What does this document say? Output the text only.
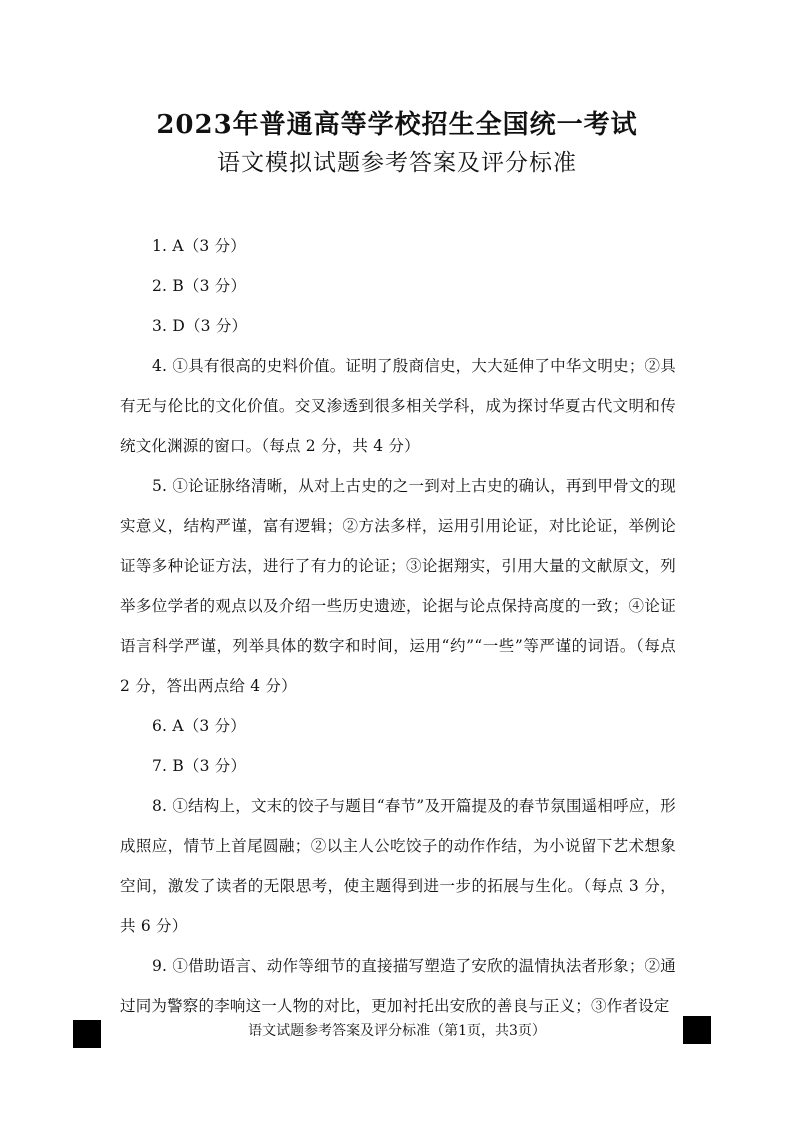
2023年普通高等学校招生全国统一考试
语文模拟试题参考答案及评分标准

1. A（3 分）

2. B（3 分）

3. D（3 分）

4. ①具有很高的史料价值。证明了殷商信史，大大延伸了中华文明史；②具有无与伦比的文化价值。交叉渗透到很多相关学科，成为探讨华夏古代文明和传统文化渊源的窗口。（每点 2 分，共 4 分）

5. ①论证脉络清晰，从对上古史的之一到对上古史的确认，再到甲骨文的现实意义，结构严谨，富有逻辑；②方法多样，运用引用论证，对比论证，举例论证等多种论证方法，进行了有力的论证；③论据翔实，引用大量的文献原文，列举多位学者的观点以及介绍一些历史遗迹，论据与论点保持高度的一致；④论证语言科学严谨，列举具体的数字和时间，运用“约”“一些”等严谨的词语。（每点 2 分，答出两点给 4 分）

6. A（3 分）

7. B（3 分）

8. ①结构上，文末的饺子与题目“春节”及开篇提及的春节氛围遥相呼应，形成照应，情节上首尾圆融；②以主人公吃饺子的动作作结，为小说留下艺术想象空间，激发了读者的无限思考，使主题得到进一步的拓展与生化。（每点 3 分，共 6 分）

9. ①借助语言、动作等细节的直接描写塑造了安欣的温情执法者形象；②通过同为警察的李响这一人物的对比，更加衬托出安欣的善良与正义；③作者设定

语文试题参考答案及评分标准（第1页，共3页）
